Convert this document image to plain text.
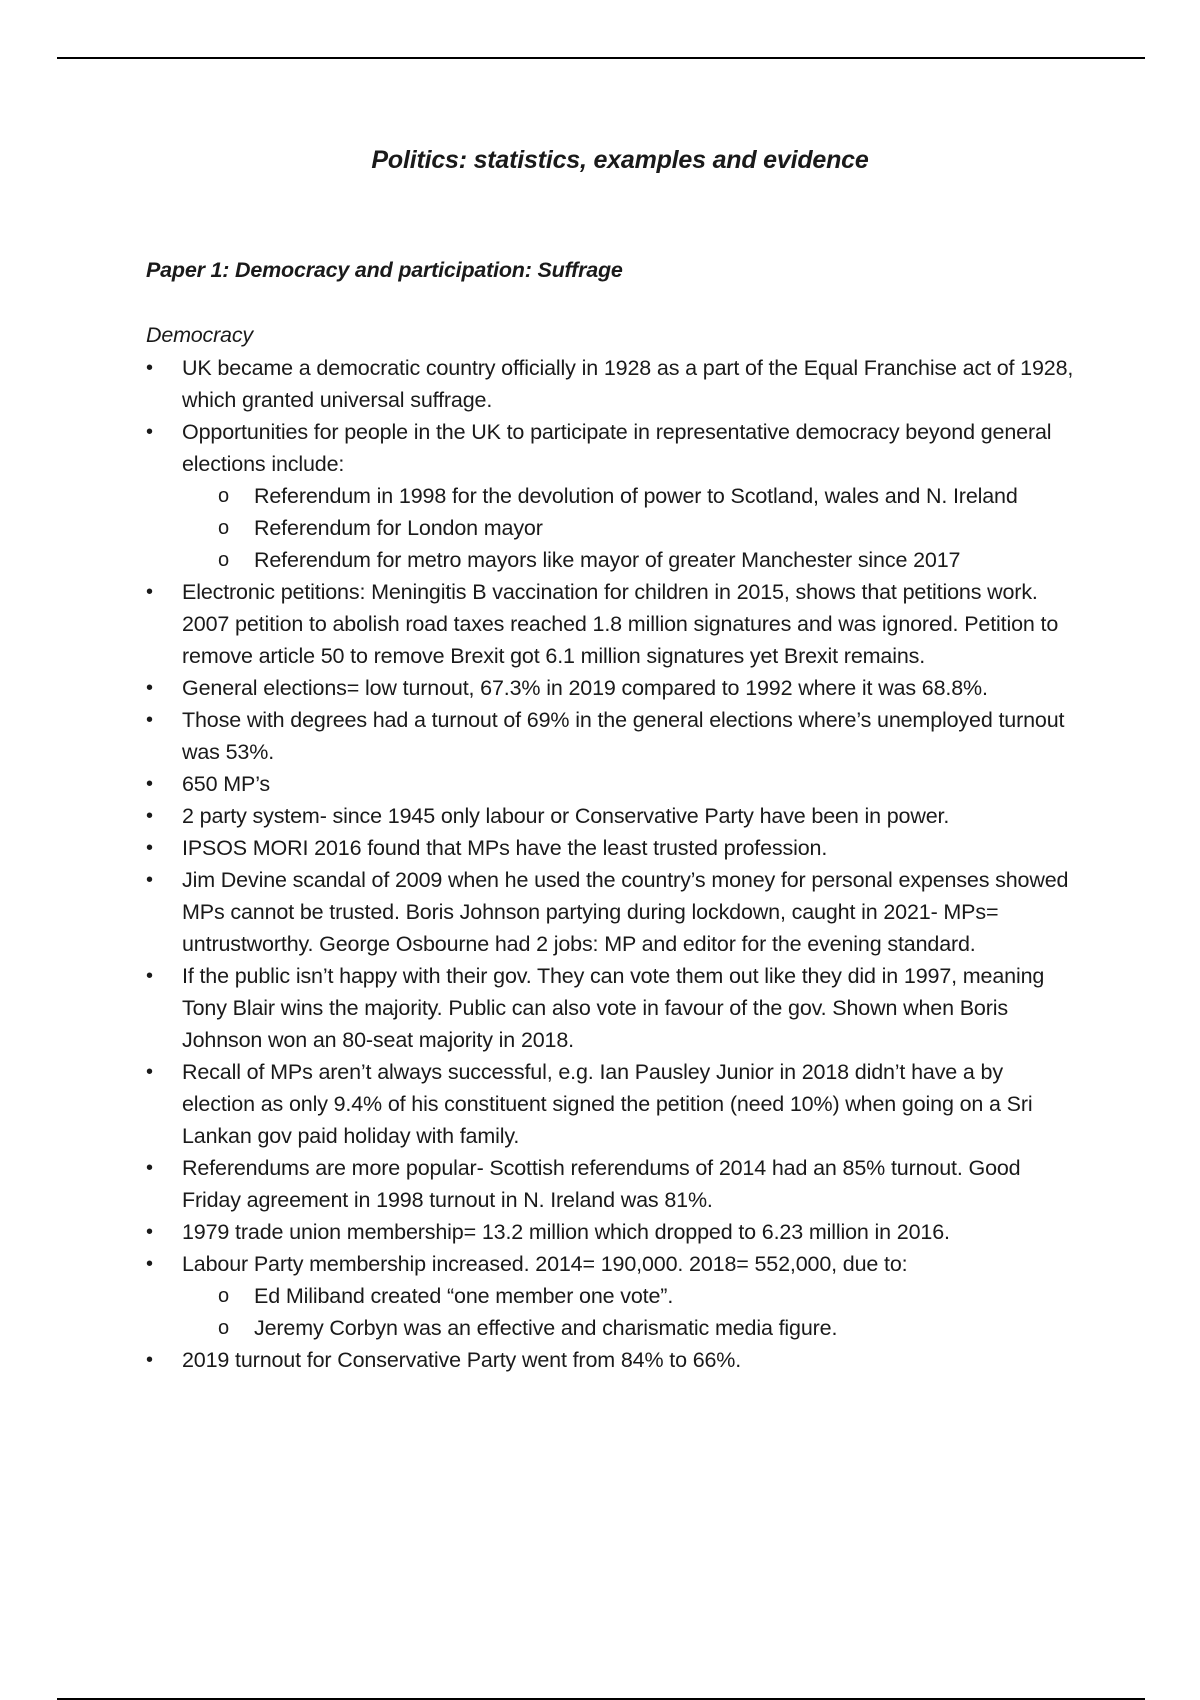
Politics: statistics, examples and evidence
Paper 1: Democracy and participation: Suffrage
Democracy
•	UK became a democratic country officially in 1928 as a part of the Equal Franchise act of 1928, which granted universal suffrage.
•	Opportunities for people in the UK to participate in representative democracy beyond general elections include:
o	Referendum in 1998 for the devolution of power to Scotland, wales and N. Ireland
o	Referendum for London mayor
o	Referendum for metro mayors like mayor of greater Manchester since 2017
•	Electronic petitions: Meningitis B vaccination for children in 2015, shows that petitions work. 2007 petition to abolish road taxes reached 1.8 million signatures and was ignored. Petition to remove article 50 to remove Brexit got 6.1 million signatures yet Brexit remains.
•	General elections= low turnout, 67.3% in 2019 compared to 1992 where it was 68.8%.
•	Those with degrees had a turnout of 69% in the general elections where’s unemployed turnout was 53%.
•	650 MP’s
•	2 party system- since 1945 only labour or Conservative Party have been in power.
•	IPSOS MORI 2016 found that MPs have the least trusted profession.
•	Jim Devine scandal of 2009 when he used the country’s money for personal expenses showed MPs cannot be trusted. Boris Johnson partying during lockdown, caught in 2021- MPs= untrustworthy. George Osbourne had 2 jobs: MP and editor for the evening standard.
•	If the public isn’t happy with their gov. They can vote them out like they did in 1997, meaning Tony Blair wins the majority. Public can also vote in favour of the gov. Shown when Boris Johnson won an 80-seat majority in 2018.
•	Recall of MPs aren’t always successful, e.g. Ian Pausley Junior in 2018 didn’t have a by election as only 9.4% of his constituent signed the petition (need 10%) when going on a Sri Lankan gov paid holiday with family.
•	Referendums are more popular- Scottish referendums of 2014 had an 85% turnout. Good Friday agreement in 1998 turnout in N. Ireland was 81%.
•	1979 trade union membership= 13.2 million which dropped to 6.23 million in 2016.
•	Labour Party membership increased. 2014= 190,000. 2018= 552,000, due to:
o	Ed Miliband created “one member one vote”.
o	Jeremy Corbyn was an effective and charismatic media figure.
•	2019 turnout for Conservative Party went from 84% to 66%.
